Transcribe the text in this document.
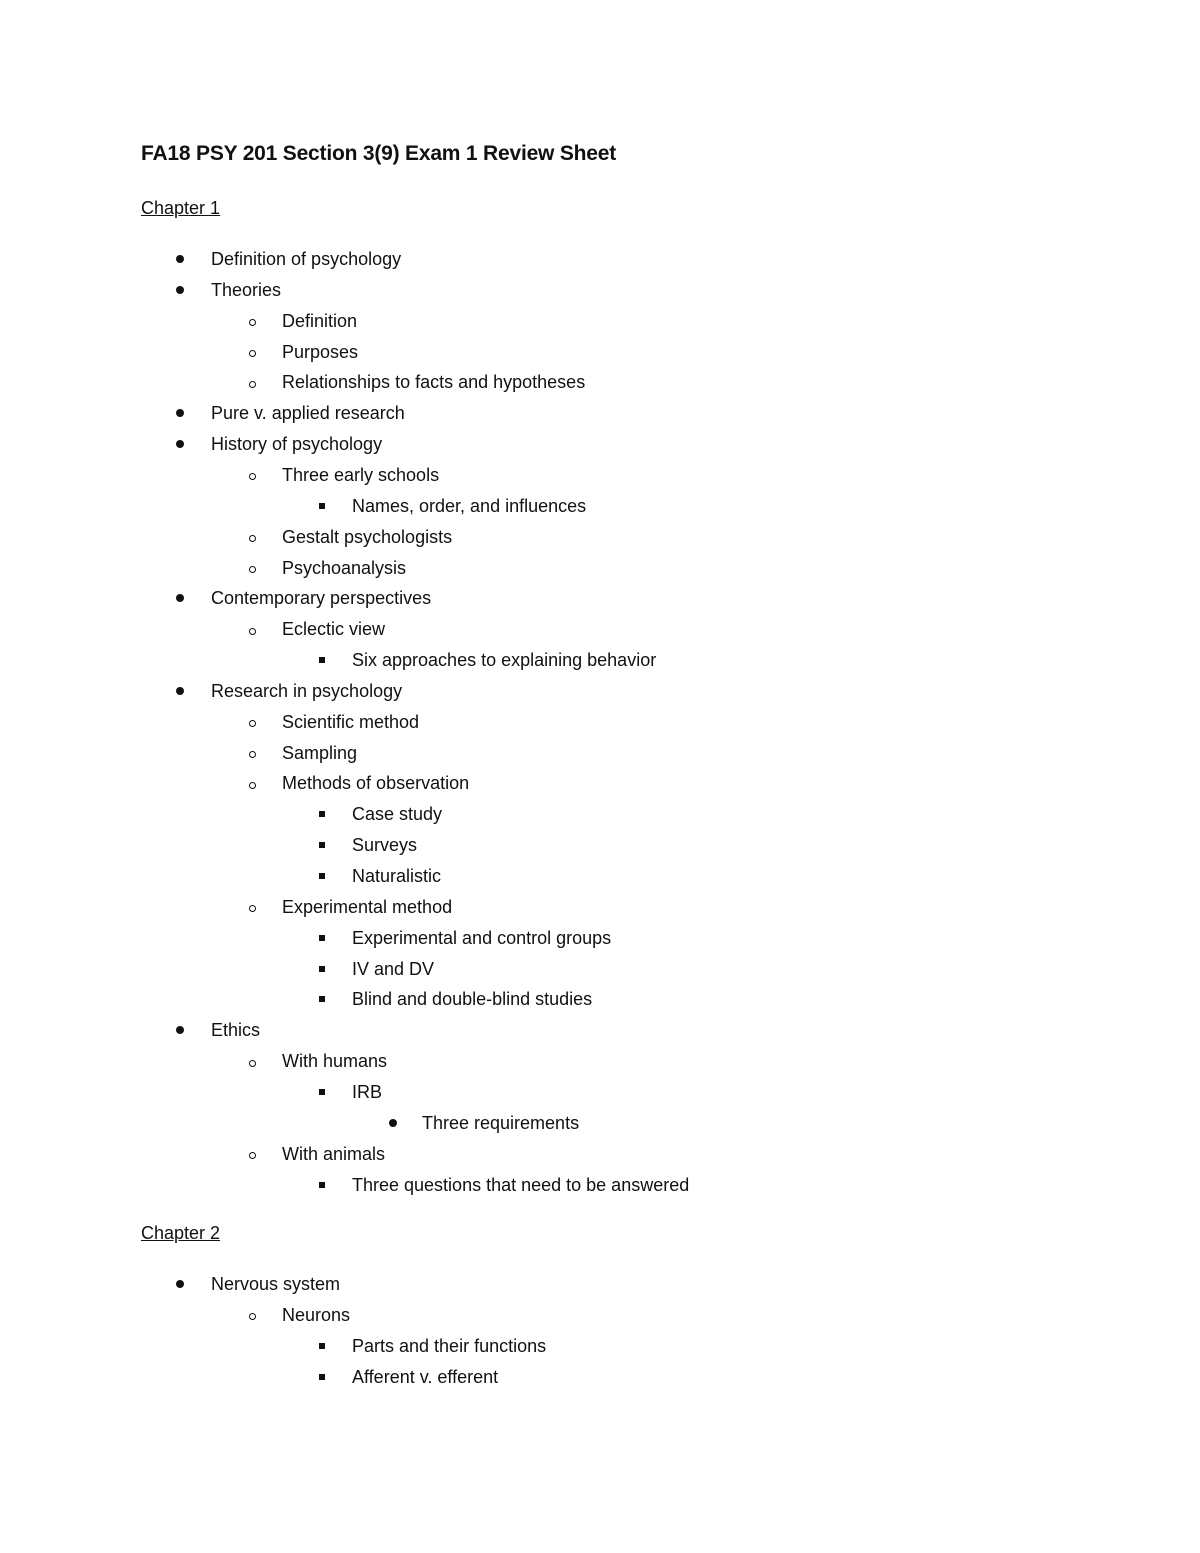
FA18 PSY 201 Section 3(9) Exam 1 Review Sheet
Chapter 1
Definition of psychology
Theories
Definition
Purposes
Relationships to facts and hypotheses
Pure v. applied research
History of psychology
Three early schools
Names, order, and influences
Gestalt psychologists
Psychoanalysis
Contemporary perspectives
Eclectic view
Six approaches to explaining behavior
Research in psychology
Scientific method
Sampling
Methods of observation
Case study
Surveys
Naturalistic
Experimental method
Experimental and control groups
IV and DV
Blind and double-blind studies
Ethics
With humans
IRB
Three requirements
With animals
Three questions that need to be answered
Chapter 2
Nervous system
Neurons
Parts and their functions
Afferent v. efferent
